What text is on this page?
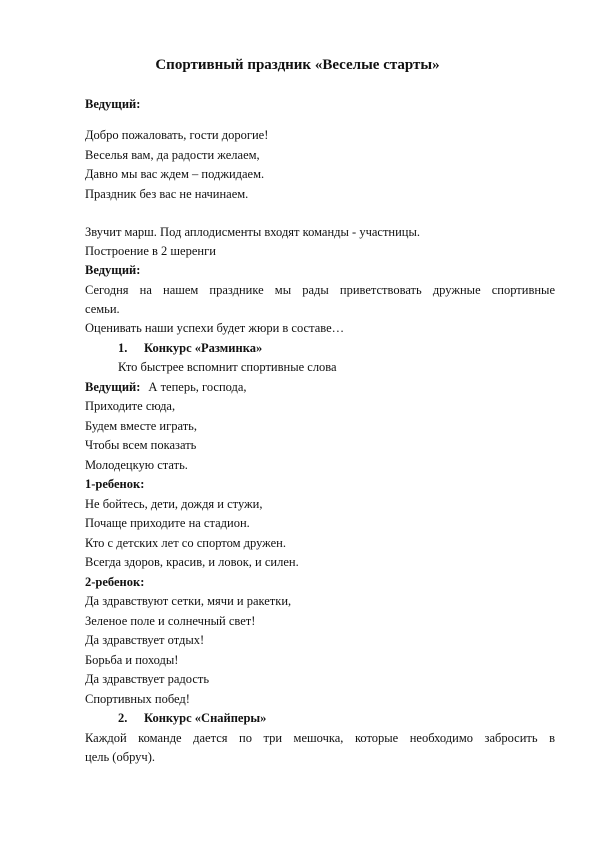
Спортивный праздник «Веселые старты»
Ведущий:
Добро пожаловать, гости дорогие!
Веселья вам, да радости желаем,
Давно мы вас ждем – поджидаем.
Праздник без вас не начинаем.
Звучит марш. Под аплодисменты входят команды - участницы.
Построение в 2 шеренги
Ведущий:
Сегодня на нашем празднике мы рады приветствовать дружные спортивные
семьи.
Оценивать наши успехи будет жюри в составе…
1. Конкурс «Разминка»
Кто быстрее вспомнит спортивные слова
Ведущий: А теперь, господа,
Приходите сюда,
Будем вместе играть,
Чтобы всем показать
Молодецкую стать.
1-ребенок:
Не бойтесь, дети, дождя и стужи,
Почаще приходите на стадион.
Кто с детских лет со спортом дружен.
Всегда здоров, красив, и ловок, и силен.
2-ребенок:
Да здравствуют сетки, мячи и ракетки,
Зеленое поле и солнечный свет!
Да здравствует отдых!
Борьба и походы!
Да здравствует радость
Спортивных побед!
2. Конкурс «Снайперы»
Каждой команде дается по три мешочка, которые необходимо забросить в
цель (обруч).
